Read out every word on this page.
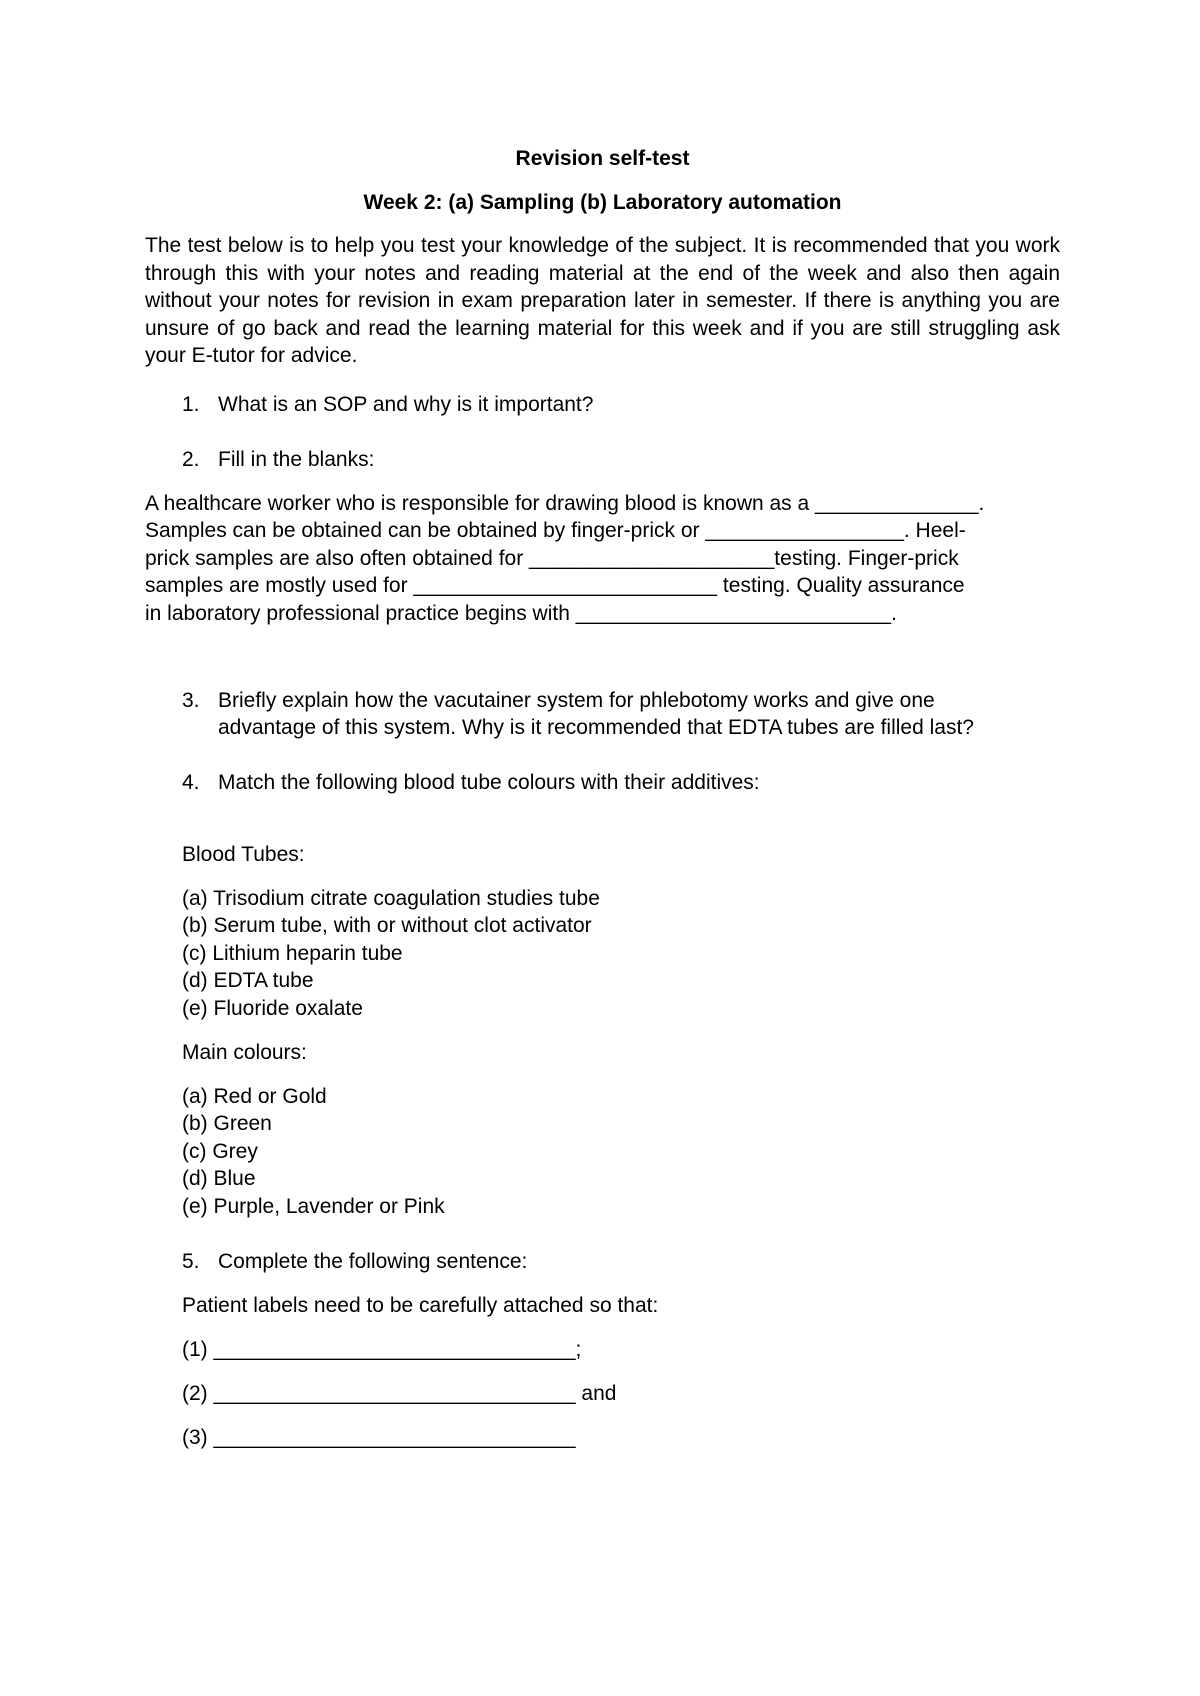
Revision self-test

Week 2: (a) Sampling (b) Laboratory automation

The test below is to help you test your knowledge of the subject. It is recommended that you work through this with your notes and reading material at the end of the week and also then again without your notes for revision in exam preparation later in semester. If there is anything you are unsure of go back and read the learning material for this week and if you are still struggling ask your E-tutor for advice.

1. What is an SOP and why is it important?
2. Fill in the blanks:

A healthcare worker who is responsible for drawing blood is known as a ______________.

Samples can be obtained can be obtained by finger-prick or _________________. Heel-

prick samples are also often obtained for _____________________testing. Finger-prick

samples are mostly used for __________________________ testing. Quality assurance

in laboratory professional practice begins with ___________________________.

3. Briefly explain how the vacutainer system for phlebotomy works and give one

advantage of this system. Why is it recommended that EDTA tubes are filled last?

4. Match the following blood tube colours with their additives:

Blood Tubes:

(a) Trisodium citrate coagulation studies tube

(b) Serum tube, with or without clot activator

(c) Lithium heparin tube

(d) EDTA tube

(e) Fluoride oxalate

Main colours:

(a) Red or Gold

(b) Green

(c) Grey

(d) Blue

(e) Purple, Lavender or Pink

5. Complete the following sentence:

Patient labels need to be carefully attached so that:

(1) _______________________________;

(2) _______________________________ and

(3) _______________________________
